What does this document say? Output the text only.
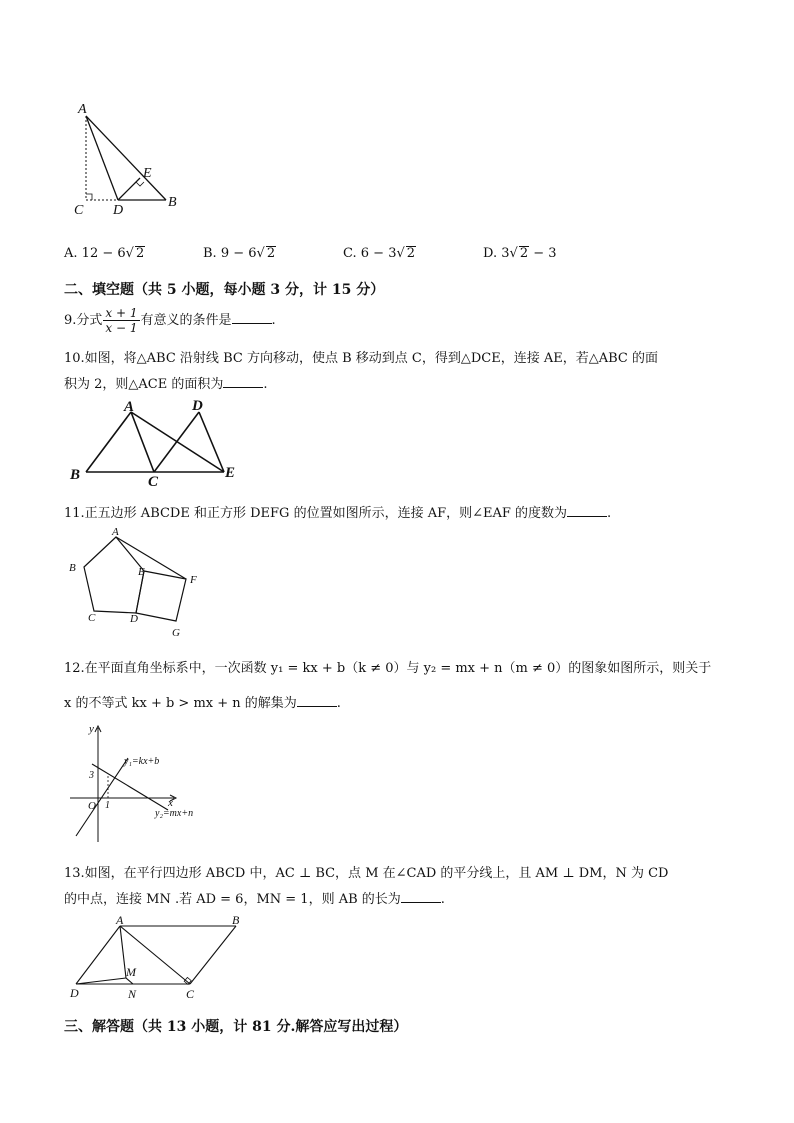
A
E
B
C D
A. 12 − 6√ 2	B. 9 − 6√ 2	C. 6 − 3√ 2	D. 3√ 2 − 3
二、填空题（共 5 小题，每小题 3 分，计 15 分）
9.分式 $\frac{x + 1}{x - 1}$ 有意义的条件是	.
10.如图，将△ABC 沿射线 BC 方向移动，使点 B 移动到点 C，得到△DCE，连接 AE，若△ABC 的面
积为 2，则△ACE 的面积为	.
A	D
B	C
E
11.正五边形 ABCDE 和正方形 DEFG 的位置如图所示，连接 AF，则∠EAF 的度数为	.
A
B	E
F
C	D
G
12.在平面直角坐标系中，一次函数 y₁ = kx + b（k ≠ 0）与 y₂ = mx + n（m ≠ 0）的图象如图所示，则关于
x 的不等式 kx + b > mx + n 的解集为	.
y
x
O
3
1
y₁=kx+b
y₂=mx+n
13.如图，在平行四边形 ABCD 中，AC ⊥ BC，点 M 在∠CAD 的平分线上，且 AM ⊥ DM，N 为 CD
的中点，连接 MN .若 AD = 6，MN = 1，则 AB 的长为	.
A	B
M
D	N	C
三、解答题（共 13 小题，计 81 分.解答应写出过程）
